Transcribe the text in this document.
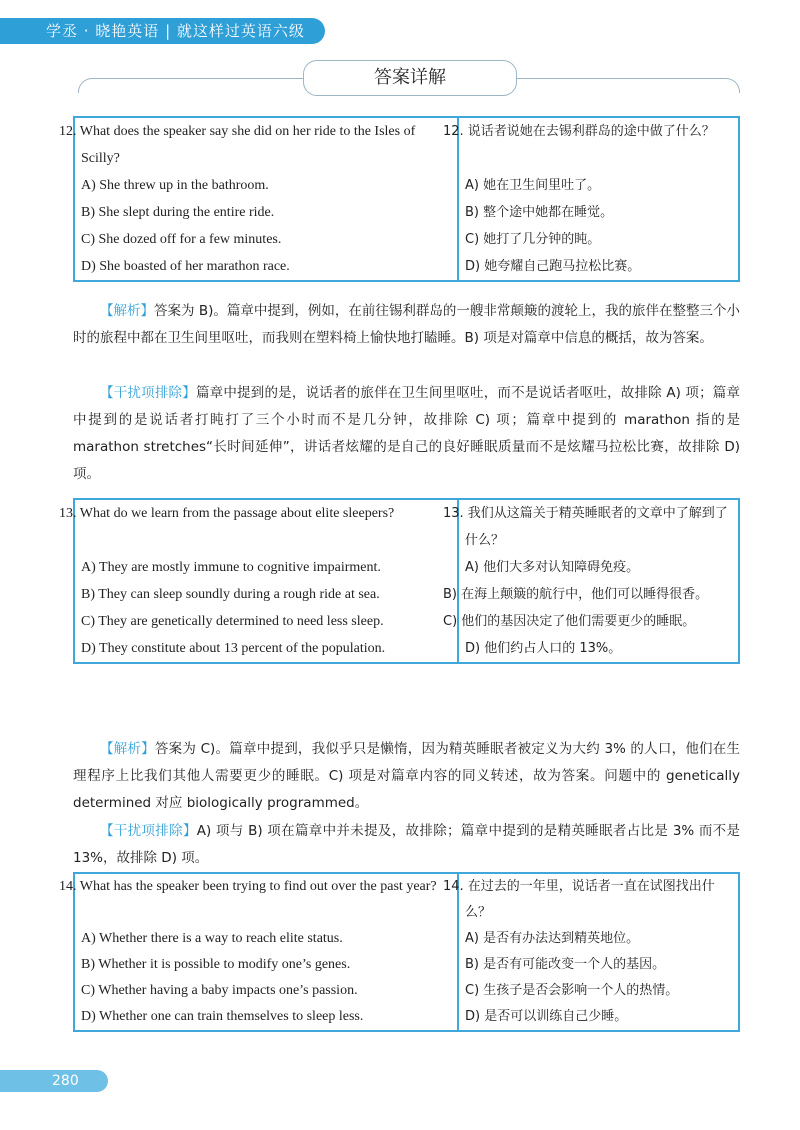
学丞 · 晓艳英语 | 就这样过英语六级
答案详解
12. What does the speaker say she did on her ride to the Isles of Scilly?	12. 说话者说她在去锡利群岛的途中做了什么？
A) She threw up in the bathroom.	A) 她在卫生间里吐了。
B) She slept during the entire ride.	B) 整个途中她都在睡觉。
C) She dozed off for a few minutes.	C) 她打了几分钟的盹。
D) She boasted of her marathon race.	D) 她夸耀自己跑马拉松比赛。
【解析】答案为 B)。篇章中提到，例如，在前往锡利群岛的一艘非常颠簸的渡轮上，我的旅伴在整整三个小时的旅程中都在卫生间里呕吐，而我则在塑料椅上愉快地打瞌睡。B) 项是对篇章中信息的概括，故为答案。
【干扰项排除】篇章中提到的是，说话者的旅伴在卫生间里呕吐，而不是说话者呕吐，故排除 A) 项；篇章中提到的是说话者打盹打了三个小时而不是几分钟，故排除 C) 项；篇章中提到的 marathon 指的是 marathon stretches“长时间延伸”，讲话者炫耀的是自己的良好睡眠质量而不是炫耀马拉松比赛，故排除 D) 项。
13. What do we learn from the passage about elite sleepers?	13. 我们从这篇关于精英睡眠者的文章中了解到了什么？
A) They are mostly immune to cognitive impairment.	A) 他们大多对认知障碍免疫。
B) They can sleep soundly during a rough ride at sea.	B) 在海上颠簸的航行中，他们可以睡得很香。
C) They are genetically determined to need less sleep.	C) 他们的基因决定了他们需要更少的睡眠。
D) They constitute about 13 percent of the population.	D) 他们约占人口的 13%。
【解析】答案为 C)。篇章中提到，我似乎只是懒惰，因为精英睡眠者被定义为大约 3% 的人口，他们在生理程序上比我们其他人需要更少的睡眠。C) 项是对篇章内容的同义转述，故为答案。问题中的 genetically determined 对应 biologically programmed。
【干扰项排除】A) 项与 B) 项在篇章中并未提及，故排除；篇章中提到的是精英睡眠者占比是 3% 而不是 13%，故排除 D) 项。
14. What has the speaker been trying to find out over the past year?	14. 在过去的一年里，说话者一直在试图找出什么？
A) Whether there is a way to reach elite status.	A) 是否有办法达到精英地位。
B) Whether it is possible to modify one’s genes.	B) 是否有可能改变一个人的基因。
C) Whether having a baby impacts one’s passion.	C) 生孩子是否会影响一个人的热情。
D) Whether one can train themselves to sleep less.	D) 是否可以训练自己少睡。
280
